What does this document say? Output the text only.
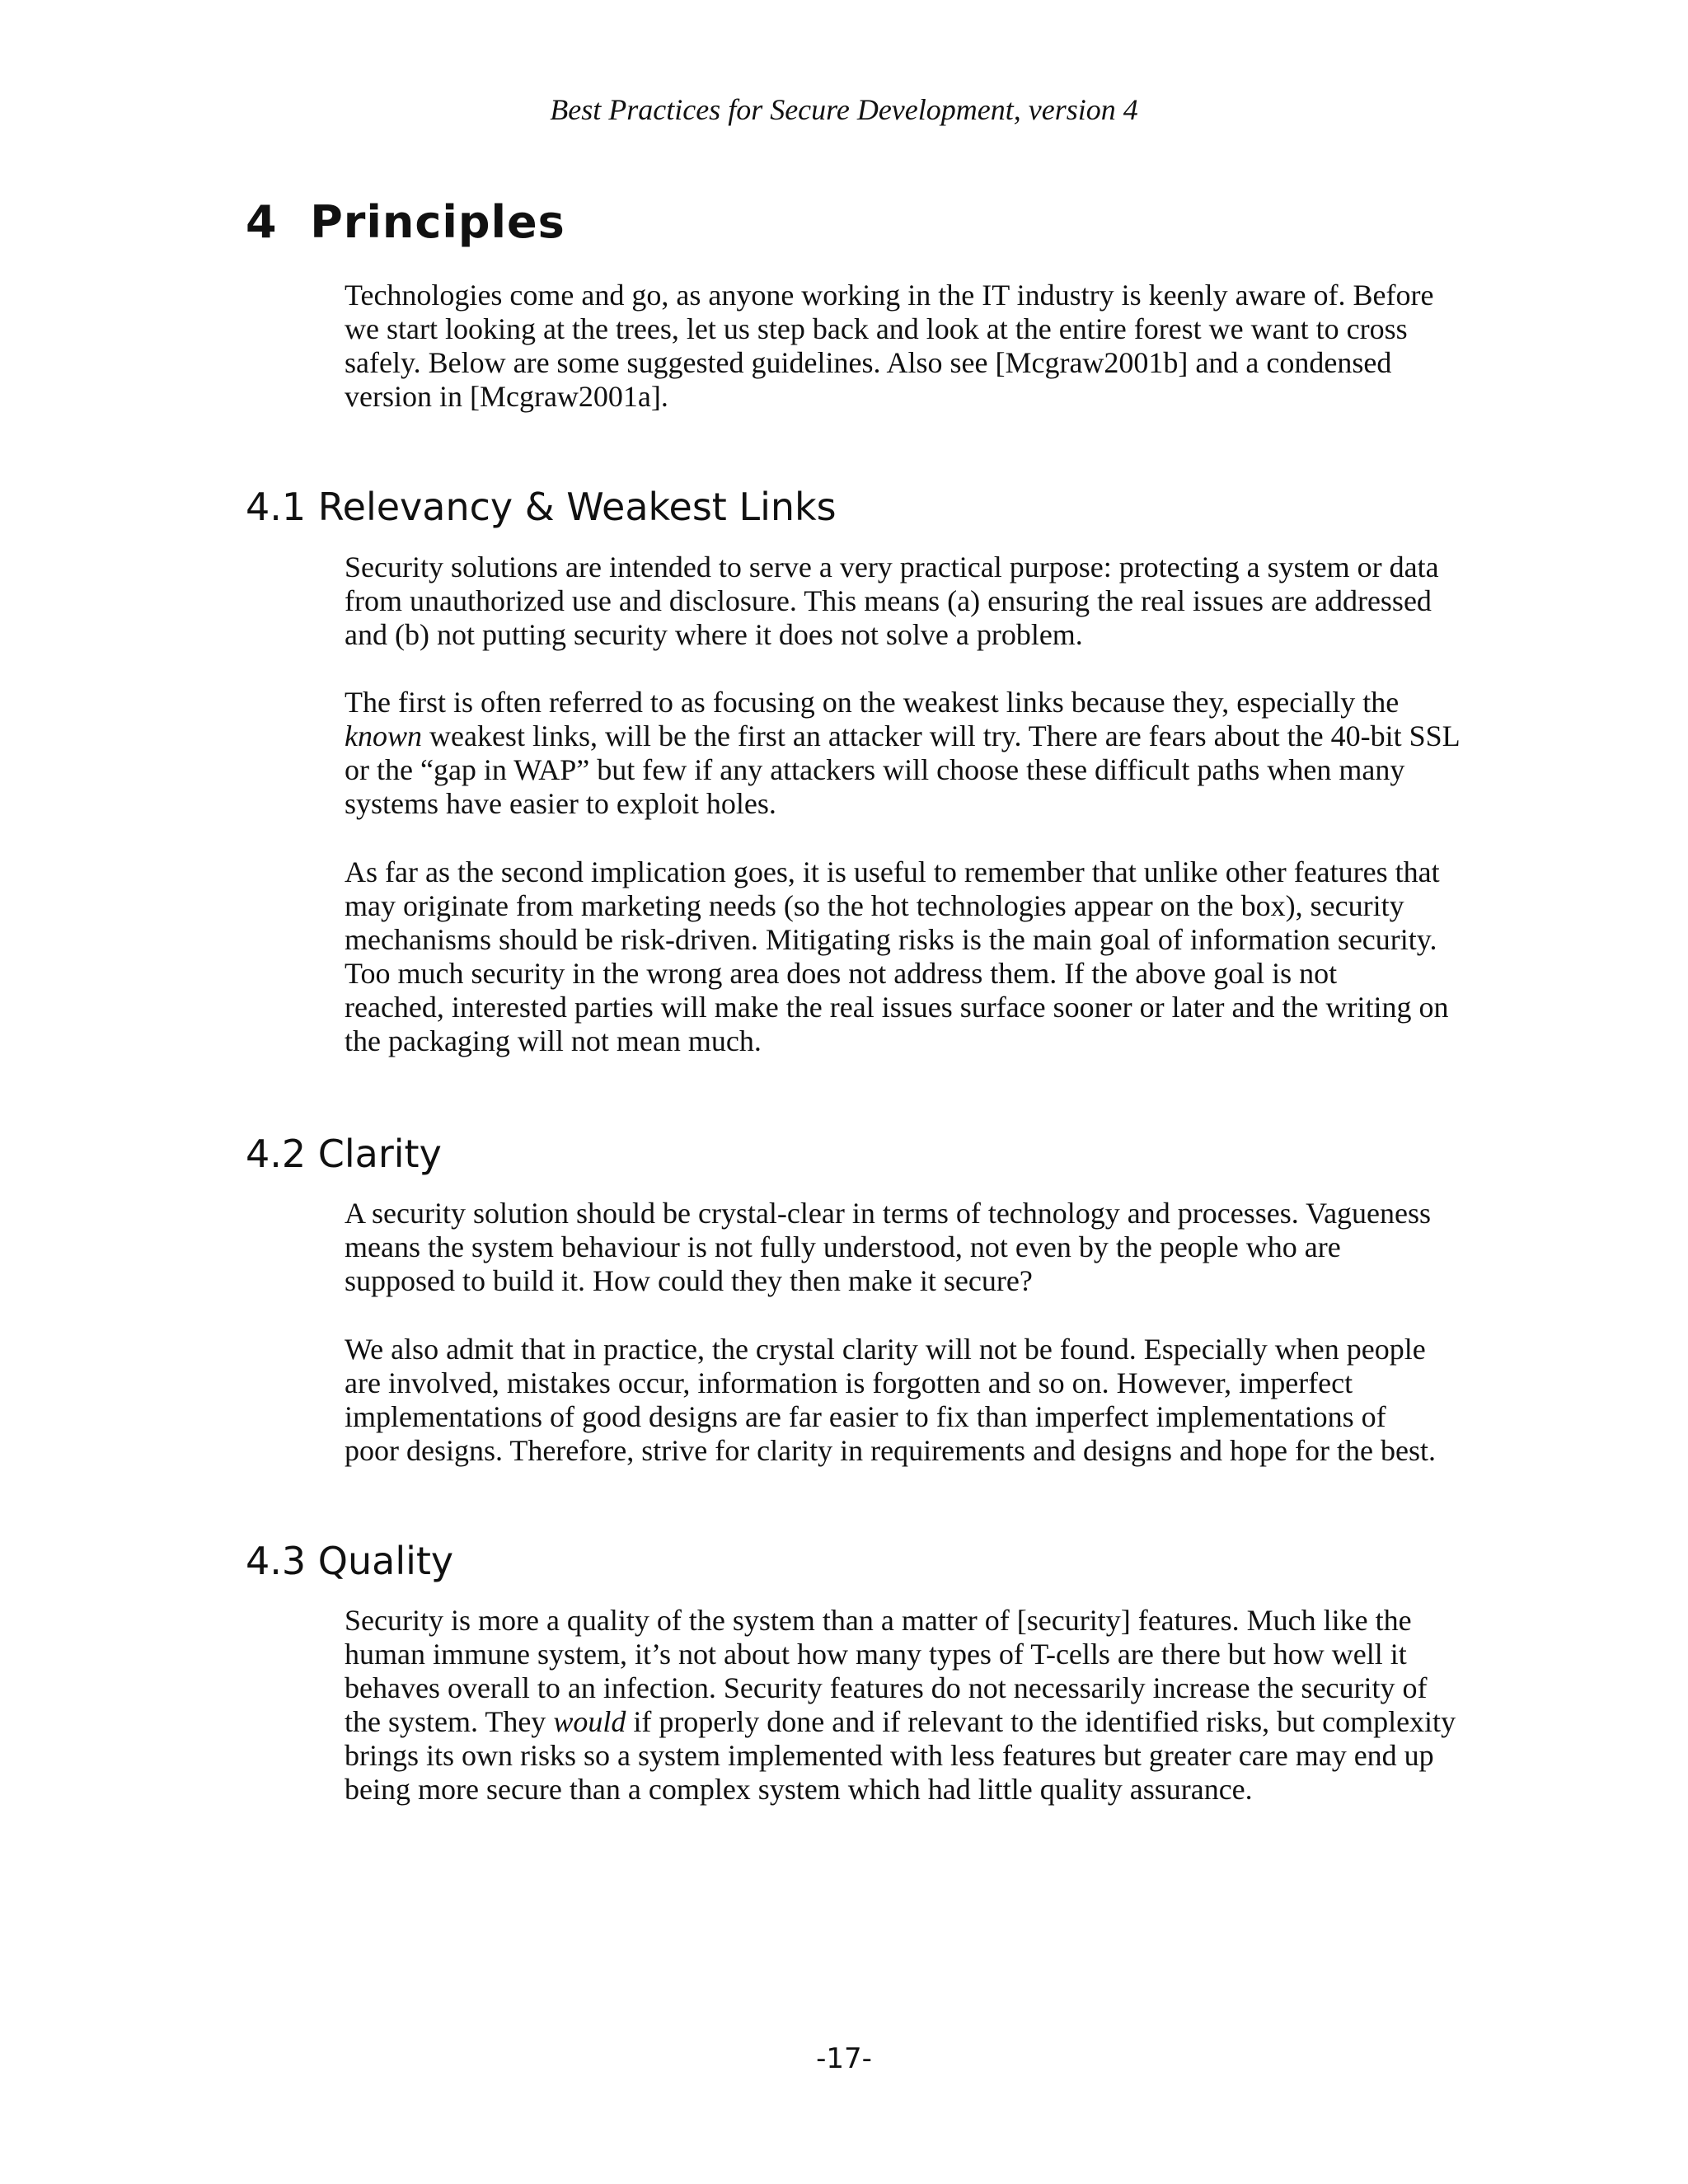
Best Practices for Secure Development, version 4
4 Principles

Technologies come and go, as anyone working in the IT industry is keenly aware of. Before
we start looking at the trees, let us step back and look at the entire forest we want to cross
safely. Below are some suggested guidelines. Also see [Mcgraw2001b] and a condensed
version in [Mcgraw2001a].

4.1 Relevancy & Weakest Links

Security solutions are intended to serve a very practical purpose: protecting a system or data
from unauthorized use and disclosure. This means (a) ensuring the real issues are addressed
and (b) not putting security where it does not solve a problem.

The first is often referred to as focusing on the weakest links because they, especially the
known weakest links, will be the first an attacker will try. There are fears about the 40-bit SSL
or the “gap in WAP” but few if any attackers will choose these difficult paths when many
systems have easier to exploit holes.

As far as the second implication goes, it is useful to remember that unlike other features that
may originate from marketing needs (so the hot technologies appear on the box), security
mechanisms should be risk-driven. Mitigating risks is the main goal of information security.
Too much security in the wrong area does not address them. If the above goal is not
reached, interested parties will make the real issues surface sooner or later and the writing on
the packaging will not mean much.

4.2 Clarity

A security solution should be crystal-clear in terms of technology and processes. Vagueness
means the system behaviour is not fully understood, not even by the people who are
supposed to build it. How could they then make it secure?

We also admit that in practice, the crystal clarity will not be found. Especially when people
are involved, mistakes occur, information is forgotten and so on. However, imperfect
implementations of good designs are far easier to fix than imperfect implementations of
poor designs. Therefore, strive for clarity in requirements and designs and hope for the best.

4.3 Quality

Security is more a quality of the system than a matter of [security] features. Much like the
human immune system, it’s not about how many types of T-cells are there but how well it
behaves overall to an infection. Security features do not necessarily increase the security of
the system. They would if properly done and if relevant to the identified risks, but complexity
brings its own risks so a system implemented with less features but greater care may end up
being more secure than a complex system which had little quality assurance.

-17-
